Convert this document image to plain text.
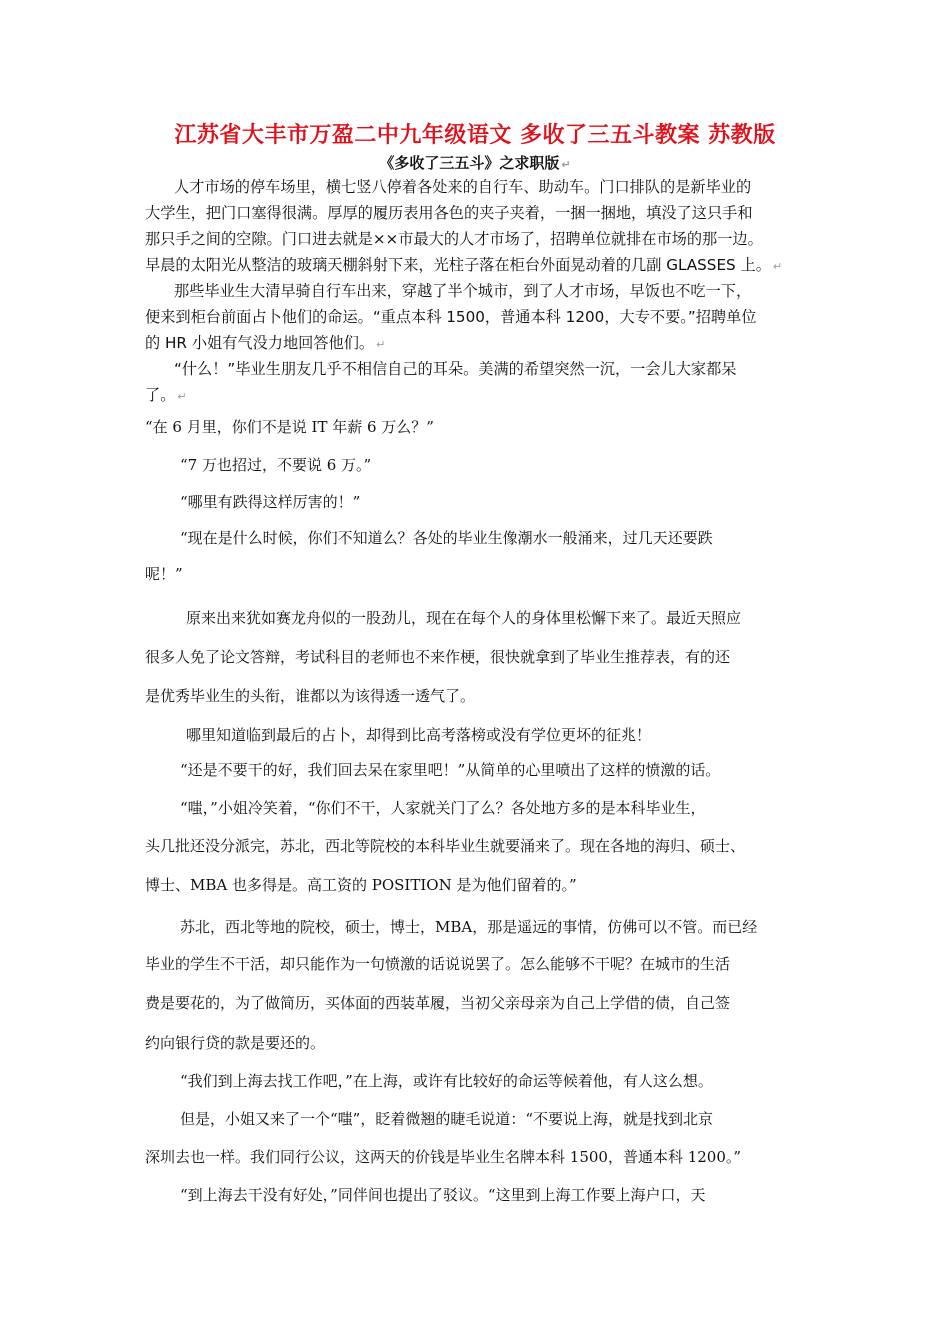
江苏省大丰市万盈二中九年级语文 多收了三五斗教案 苏教版
《多收了三五斗》之求职版 ↵
人才市场的停车场里，横七竖八停着各处来的自行车、助动车。门口排队的是新毕业的
大学生，把门口塞得很满。厚厚的履历表用各色的夹子夹着，一捆一捆地，填没了这只手和
那只手之间的空隙。门口进去就是××市最大的人才市场了，招聘单位就排在市场的那一边。
早晨的太阳光从整洁的玻璃天棚斜射下来，光柱子落在柜台外面晃动着的几副 GLASSES 上。 ↵
那些毕业生大清早骑自行车出来，穿越了半个城市，到了人才市场，早饭也不吃一下，
便来到柜台前面占卜他们的命运。“重点本科 1500，普通本科 1200，大专不要。”招聘单位
的 HR 小姐有气没力地回答他们。 ↵
“什么！”毕业生朋友几乎不相信自己的耳朵。美满的希望突然一沉，一会儿大家都呆
了。 ↵
“在 6 月里，你们不是说 IT 年薪 6 万么？”
“7 万也招过，不要说 6 万。”
“哪里有跌得这样厉害的！”
“现在是什么时候，你们不知道么？各处的毕业生像潮水一般涌来，过几天还要跌
呢！”
原来出来犹如赛龙舟似的一股劲儿，现在在每个人的身体里松懈下来了。最近天照应
很多人免了论文答辩，考试科目的老师也不来作梗，很快就拿到了毕业生推荐表，有的还
是优秀毕业生的头衔，谁都以为该得透一透气了。
哪里知道临到最后的占卜，却得到比高考落榜或没有学位更坏的征兆！
“还是不要干的好，我们回去呆在家里吧！”从简单的心里喷出了这样的愤激的话。
“嗤，”小姐冷笑着，“你们不干，人家就关门了么？各处地方多的是本科毕业生，
头几批还没分派完，苏北，西北等院校的本科毕业生就要涌来了。现在各地的海归、硕士、
博士、MBA 也多得是。高工资的 POSITION 是为他们留着的。”
苏北，西北等地的院校，硕士，博士，MBA，那是遥远的事情，仿佛可以不管。而已经
毕业的学生不干活，却只能作为一句愤激的话说说罢了。怎么能够不干呢？在城市的生活
费是要花的，为了做简历，买体面的西装革履，当初父亲母亲为自己上学借的债，自己签
约向银行贷的款是要还的。
“我们到上海去找工作吧，”在上海，或许有比较好的命运等候着他，有人这么想。
但是，小姐又来了一个“嗤”，眨着微翘的睫毛说道：“不要说上海，就是找到北京
深圳去也一样。我们同行公议，这两天的价钱是毕业生名牌本科 1500，普通本科 1200。”
“到上海去干没有好处，”同伴间也提出了驳议。“这里到上海工作要上海户口，天
